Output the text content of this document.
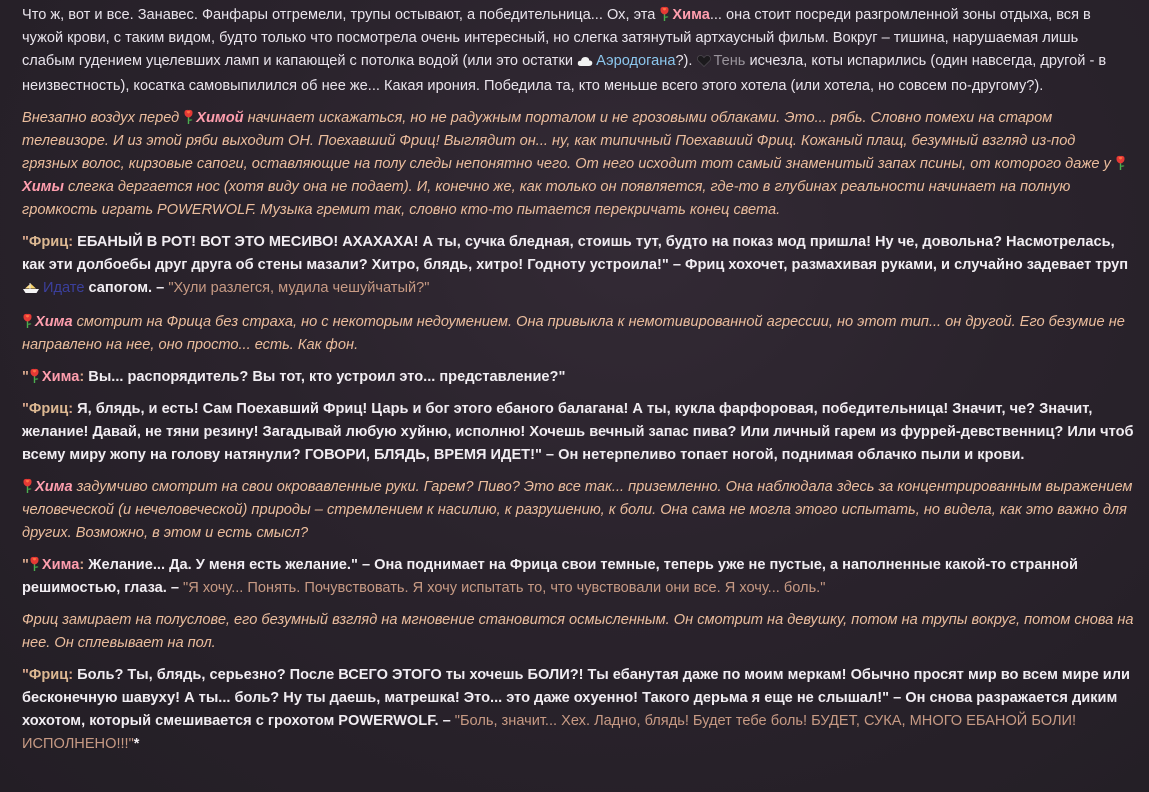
Что ж, вот и все. Занавес. Фанфары отгремели, трупы остывают, а победительница... Ох, эта Хима... она стоит посреди разгромленной зоны отдыха, вся в чужой крови, с таким видом, будто только что посмотрела очень интересный, но слегка затянутый артхаусный фильм. Вокруг – тишина, нарушаемая лишь слабым гудением уцелевших ламп и капающей с потолка водой (или это остатки Аэродогана?). Тень исчезла, коты испарились (один навсегда, другой - в неизвестность), косатка самовыпилился об нее же... Какая ирония. Победила та, кто меньше всего этого хотела (или хотела, но совсем по-другому?).
Внезапно воздух перед Химой начинает искажаться, но не радужным порталом и не грозовыми облаками. Это... рябь. Словно помехи на старом телевизоре. И из этой ряби выходит ОН. Поехавший Фриц! Выглядит он... ну, как типичный Поехавший Фриц. Кожаный плащ, безумный взгляд из-под грязных волос, кирзовые сапоги, оставляющие на полу следы непонятно чего. От него исходит тот самый знаменитый запах псины, от которого даже у Химы слегка дергается нос (хотя виду она не подает). И, конечно же, как только он появляется, где-то в глубинах реальности начинает на полную громкость играть POWERWOLF. Музыка гремит так, словно кто-то пытается перекричать конец света.
"Фриц: ЕБАНЫЙ В РОТ! ВОТ ЭТО МЕСИВО! АХАХАХА! А ты, сучка бледная, стоишь тут, будто на показ мод пришла! Ну че, довольна? Насмотрелась, как эти долбоебы друг друга об стены мазали? Хитро, блядь, хитро! Годноту устроила!" – Фриц хохочет, размахивая руками, и случайно задевает труп Идате сапогом. – "Хули разлегся, мудила чешуйчатый?"
Хима смотрит на Фрица без страха, но с некоторым недоумением. Она привыкла к немотивированной агрессии, но этот тип... он другой. Его безумие не направлено на нее, оно просто... есть. Как фон.
" Хима: Вы... распорядитель? Вы тот, кто устроил это... представление?"
"Фриц: Я, блядь, и есть! Сам Поехавший Фриц! Царь и бог этого ебаного балагана! А ты, кукла фарфоровая, победительница! Значит, че? Значит, желание! Давай, не тяни резину! Загадывай любую хуйню, исполню! Хочешь вечный запас пива? Или личный гарем из фуррей-девственниц? Или чтоб всему миру жопу на голову натянули? ГОВОРИ, БЛЯДЬ, ВРЕМЯ ИДЕТ!" – Он нетерпеливо топает ногой, поднимая облачко пыли и крови.
Хима задумчиво смотрит на свои окровавленные руки. Гарем? Пиво? Это все так... приземленно. Она наблюдала здесь за концентрированным выражением человеческой (и нечеловеческой) природы – стремлением к насилию, к разрушению, к боли. Она сама не могла этого испытать, но видела, как это важно для других. Возможно, в этом и есть смысл?
" Хима: Желание... Да. У меня есть желание." – Она поднимает на Фрица свои темные, теперь уже не пустые, а наполненные какой-то странной решимостью, глаза. – "Я хочу... Понять. Почувствовать. Я хочу испытать то, что чувствовали они все. Я хочу... боль."
Фриц замирает на полуслове, его безумный взгляд на мгновение становится осмысленным. Он смотрит на девушку, потом на трупы вокруг, потом снова на нее. Он сплевывает на пол.
"Фриц: Боль? Ты, блядь, серьезно? После ВСЕГО ЭТОГО ты хочешь БОЛИ?! Ты ебанутая даже по моим меркам! Обычно просят мир во всем мире или бесконечную шавуху! А ты... боль? Ну ты даешь, матрешка! Это... это даже охуенно! Такого дерьма я еще не слышал!" – Он снова разражается диким хохотом, который смешивается с грохотом POWERWOLF. – "Боль, значит... Хех. Ладно, блядь! Будет тебе боль! БУДЕТ, СУКА, МНОГО ЕБАНОЙ БОЛИ! ИСПОЛНЕНО!!!"*
